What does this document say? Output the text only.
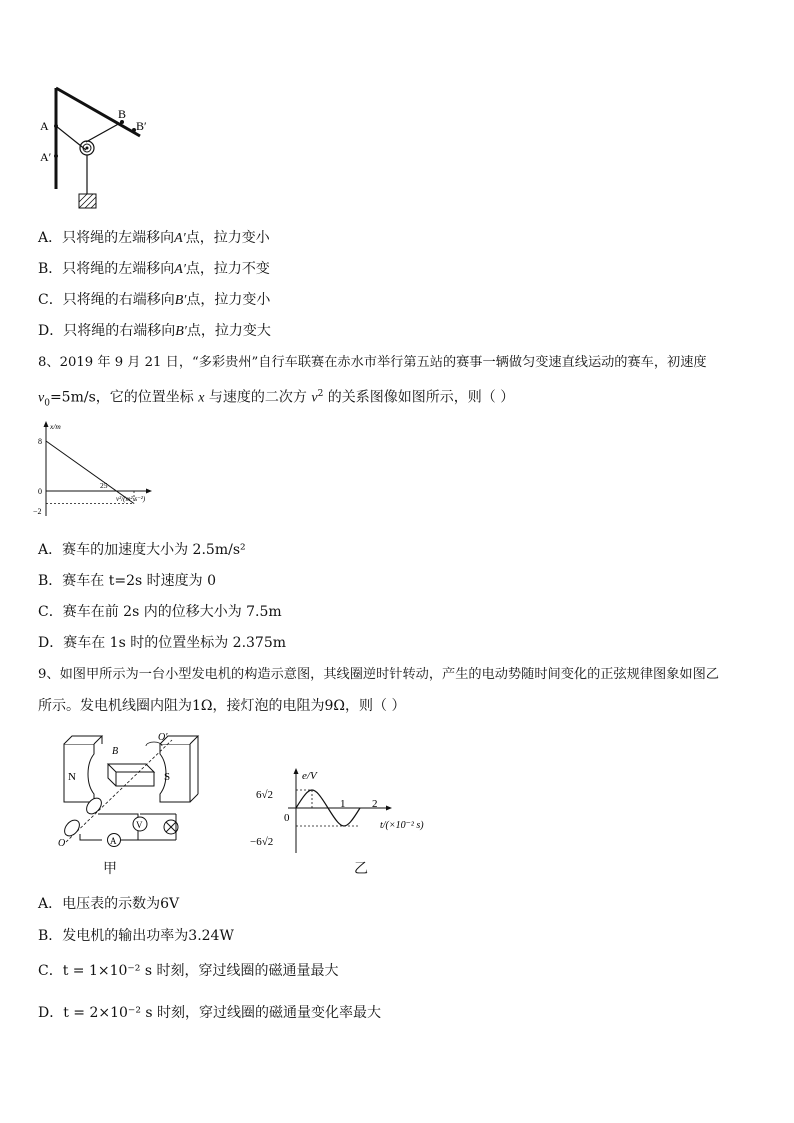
A
A′
B
B′
A．只将绳的左端移向A′点，拉力变小
B．只将绳的左端移向A′点，拉力不变
C．只将绳的右端移向B′点，拉力变小
D．只将绳的右端移向B′点，拉力变大
8、2019 年 9 月 21 日，“多彩贵州”自行车联赛在赤水市举行第五站的赛事一辆做匀变速直线运动的赛车，初速度
$v_0=5m/s$，它的位置坐标 x 与速度的二次方 $v^2$ 的关系图像如图所示，则（ ）
x/m
8
0
−2
25
v²/(m²·s⁻²)
A．赛车的加速度大小为 2.5m/s²
B．赛车在 t=2s 时速度为 0
C．赛车在前 2s 内的位移大小为 7.5m
D．赛车在 1s 时的位置坐标为 2.375m
9、如图甲所示为一台小型发电机的构造示意图，其线圈逆时针转动，产生的电动势随时间变化的正弦规律图象如图乙
所示。发电机线圈内阻为1Ω，接灯泡的电阻为9Ω，则（ ）
N	S
B
O′
O	A
V
甲
e/V
6√2
0
−6√2
1 2
t/(×10⁻² s)
乙
A．电压表的示数为6V
B．发电机的输出功率为3.24W
C．t = 1×10⁻² s 时刻，穿过线圈的磁通量最大
D．t = 2×10⁻² s 时刻，穿过线圈的磁通量变化率最大
